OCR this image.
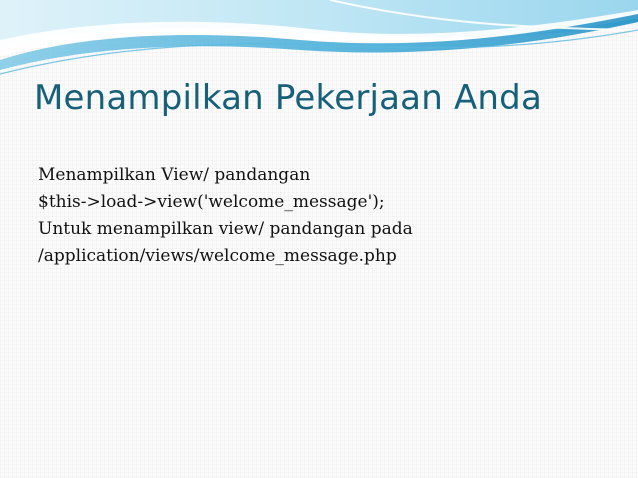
Menampilkan Pekerjaan Anda
Menampilkan View/ pandangan
$this->load->view('welcome_message');
Untuk menampilkan view/ pandangan pada
/application/views/welcome_message.php
